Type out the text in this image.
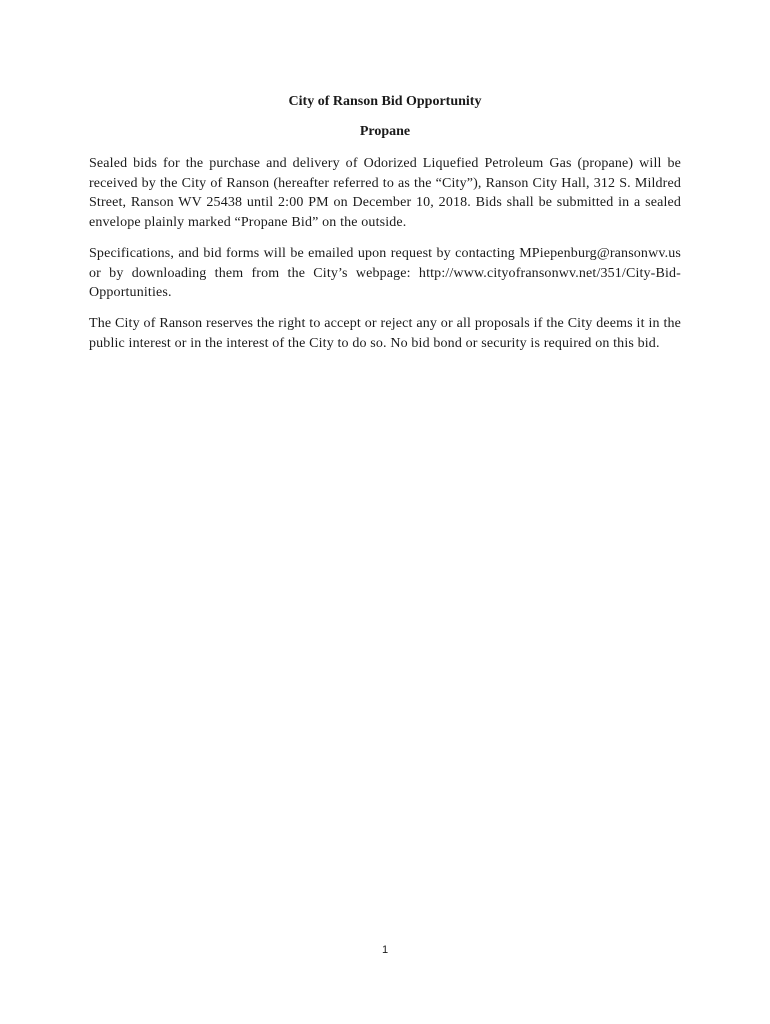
City of Ranson Bid Opportunity
Propane

Sealed bids for the purchase and delivery of Odorized Liquefied Petroleum Gas (propane) will be received by the City of Ranson (hereafter referred to as the “City”), Ranson City Hall, 312 S. Mildred Street, Ranson WV 25438 until 2:00 PM on December 10, 2018. Bids shall be submitted in a sealed envelope plainly marked “Propane Bid” on the outside.

Specifications, and bid forms will be emailed upon request by contacting MPiepenburg@ransonwv.us or by downloading them from the City’s webpage: http://www.cityofransonwv.net/351/City-Bid-Opportunities.

The City of Ranson reserves the right to accept or reject any or all proposals if the City deems it in the public interest or in the interest of the City to do so. No bid bond or security is required on this bid.

1
